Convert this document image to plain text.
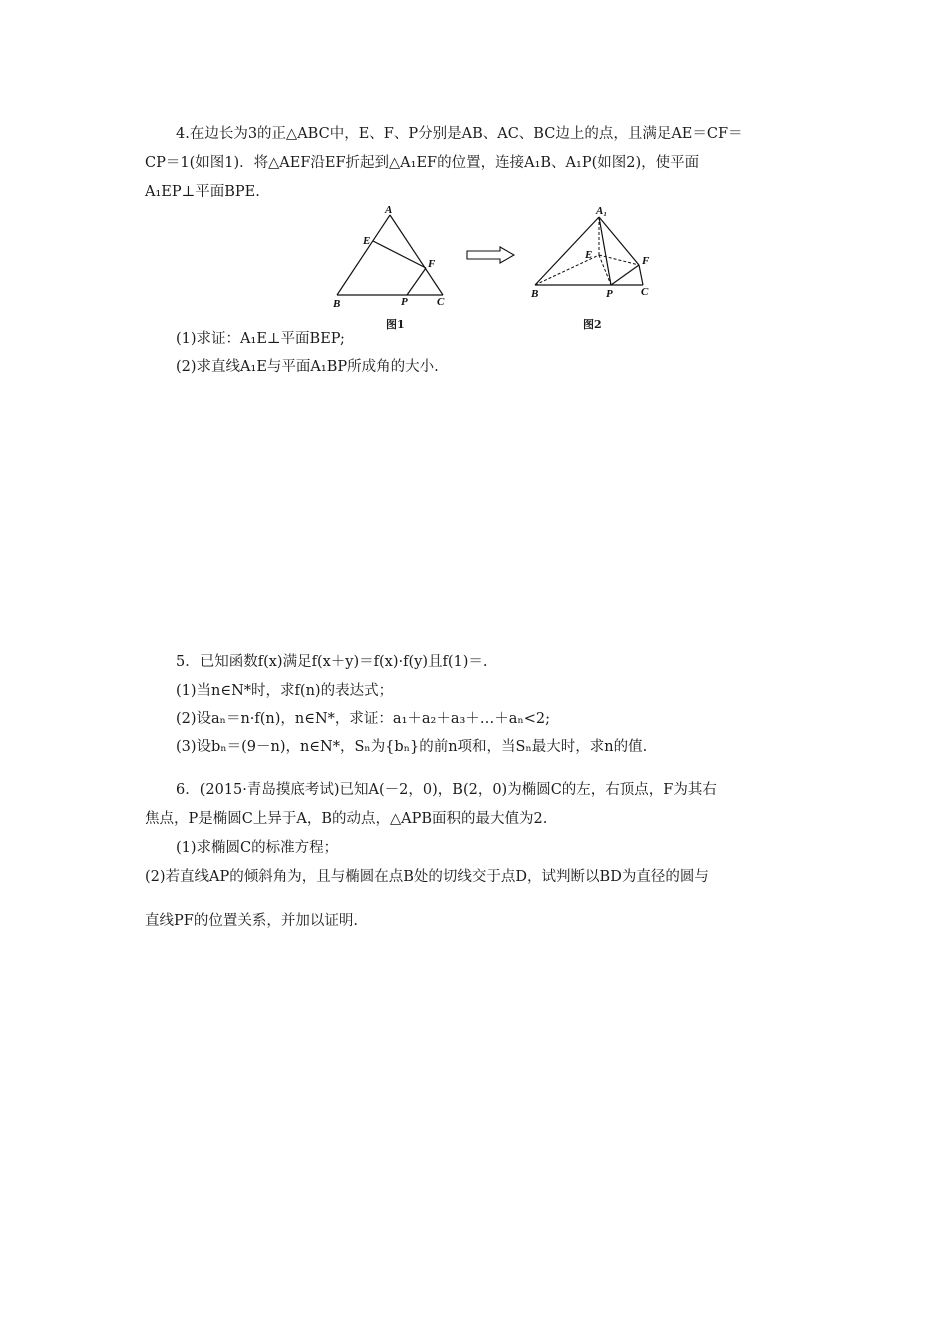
4.在边长为3的正△ABC中，E、F、P分别是AB、AC、BC边上的点，且满足AE＝CF＝
CP＝1(如图1)．将△AEF沿EF折起到△A₁EF的位置，连接A₁B、A₁P(如图2)，使平面
A₁EP⊥平面BPE.
A
E
F
B	P	C
图1
A₁
E	F
B	P	C
图2
(1)求证：A₁E⊥平面BEP;
(2)求直线A₁E与平面A₁BP所成角的大小.
5．已知函数f(x)满足f(x＋y)＝f(x)·f(y)且f(1)＝.
(1)当n∈N*时，求f(n)的表达式；
(2)设aₙ＝n·f(n)，n∈N*，求证：a₁＋a₂＋a₃＋…＋aₙ<2;
(3)设bₙ＝(9－n)，n∈N*，Sₙ为{bₙ}的前n项和，当Sₙ最大时，求n的值.
6．(2015·青岛摸底考试)已知A(－2，0)，B(2，0)为椭圆C的左，右顶点，F为其右
焦点，P是椭圆C上异于A，B的动点，△APB面积的最大值为2.
(1)求椭圆C的标准方程；
(2)若直线AP的倾斜角为，且与椭圆在点B处的切线交于点D，试判断以BD为直径的圆与
直线PF的位置关系，并加以证明.
